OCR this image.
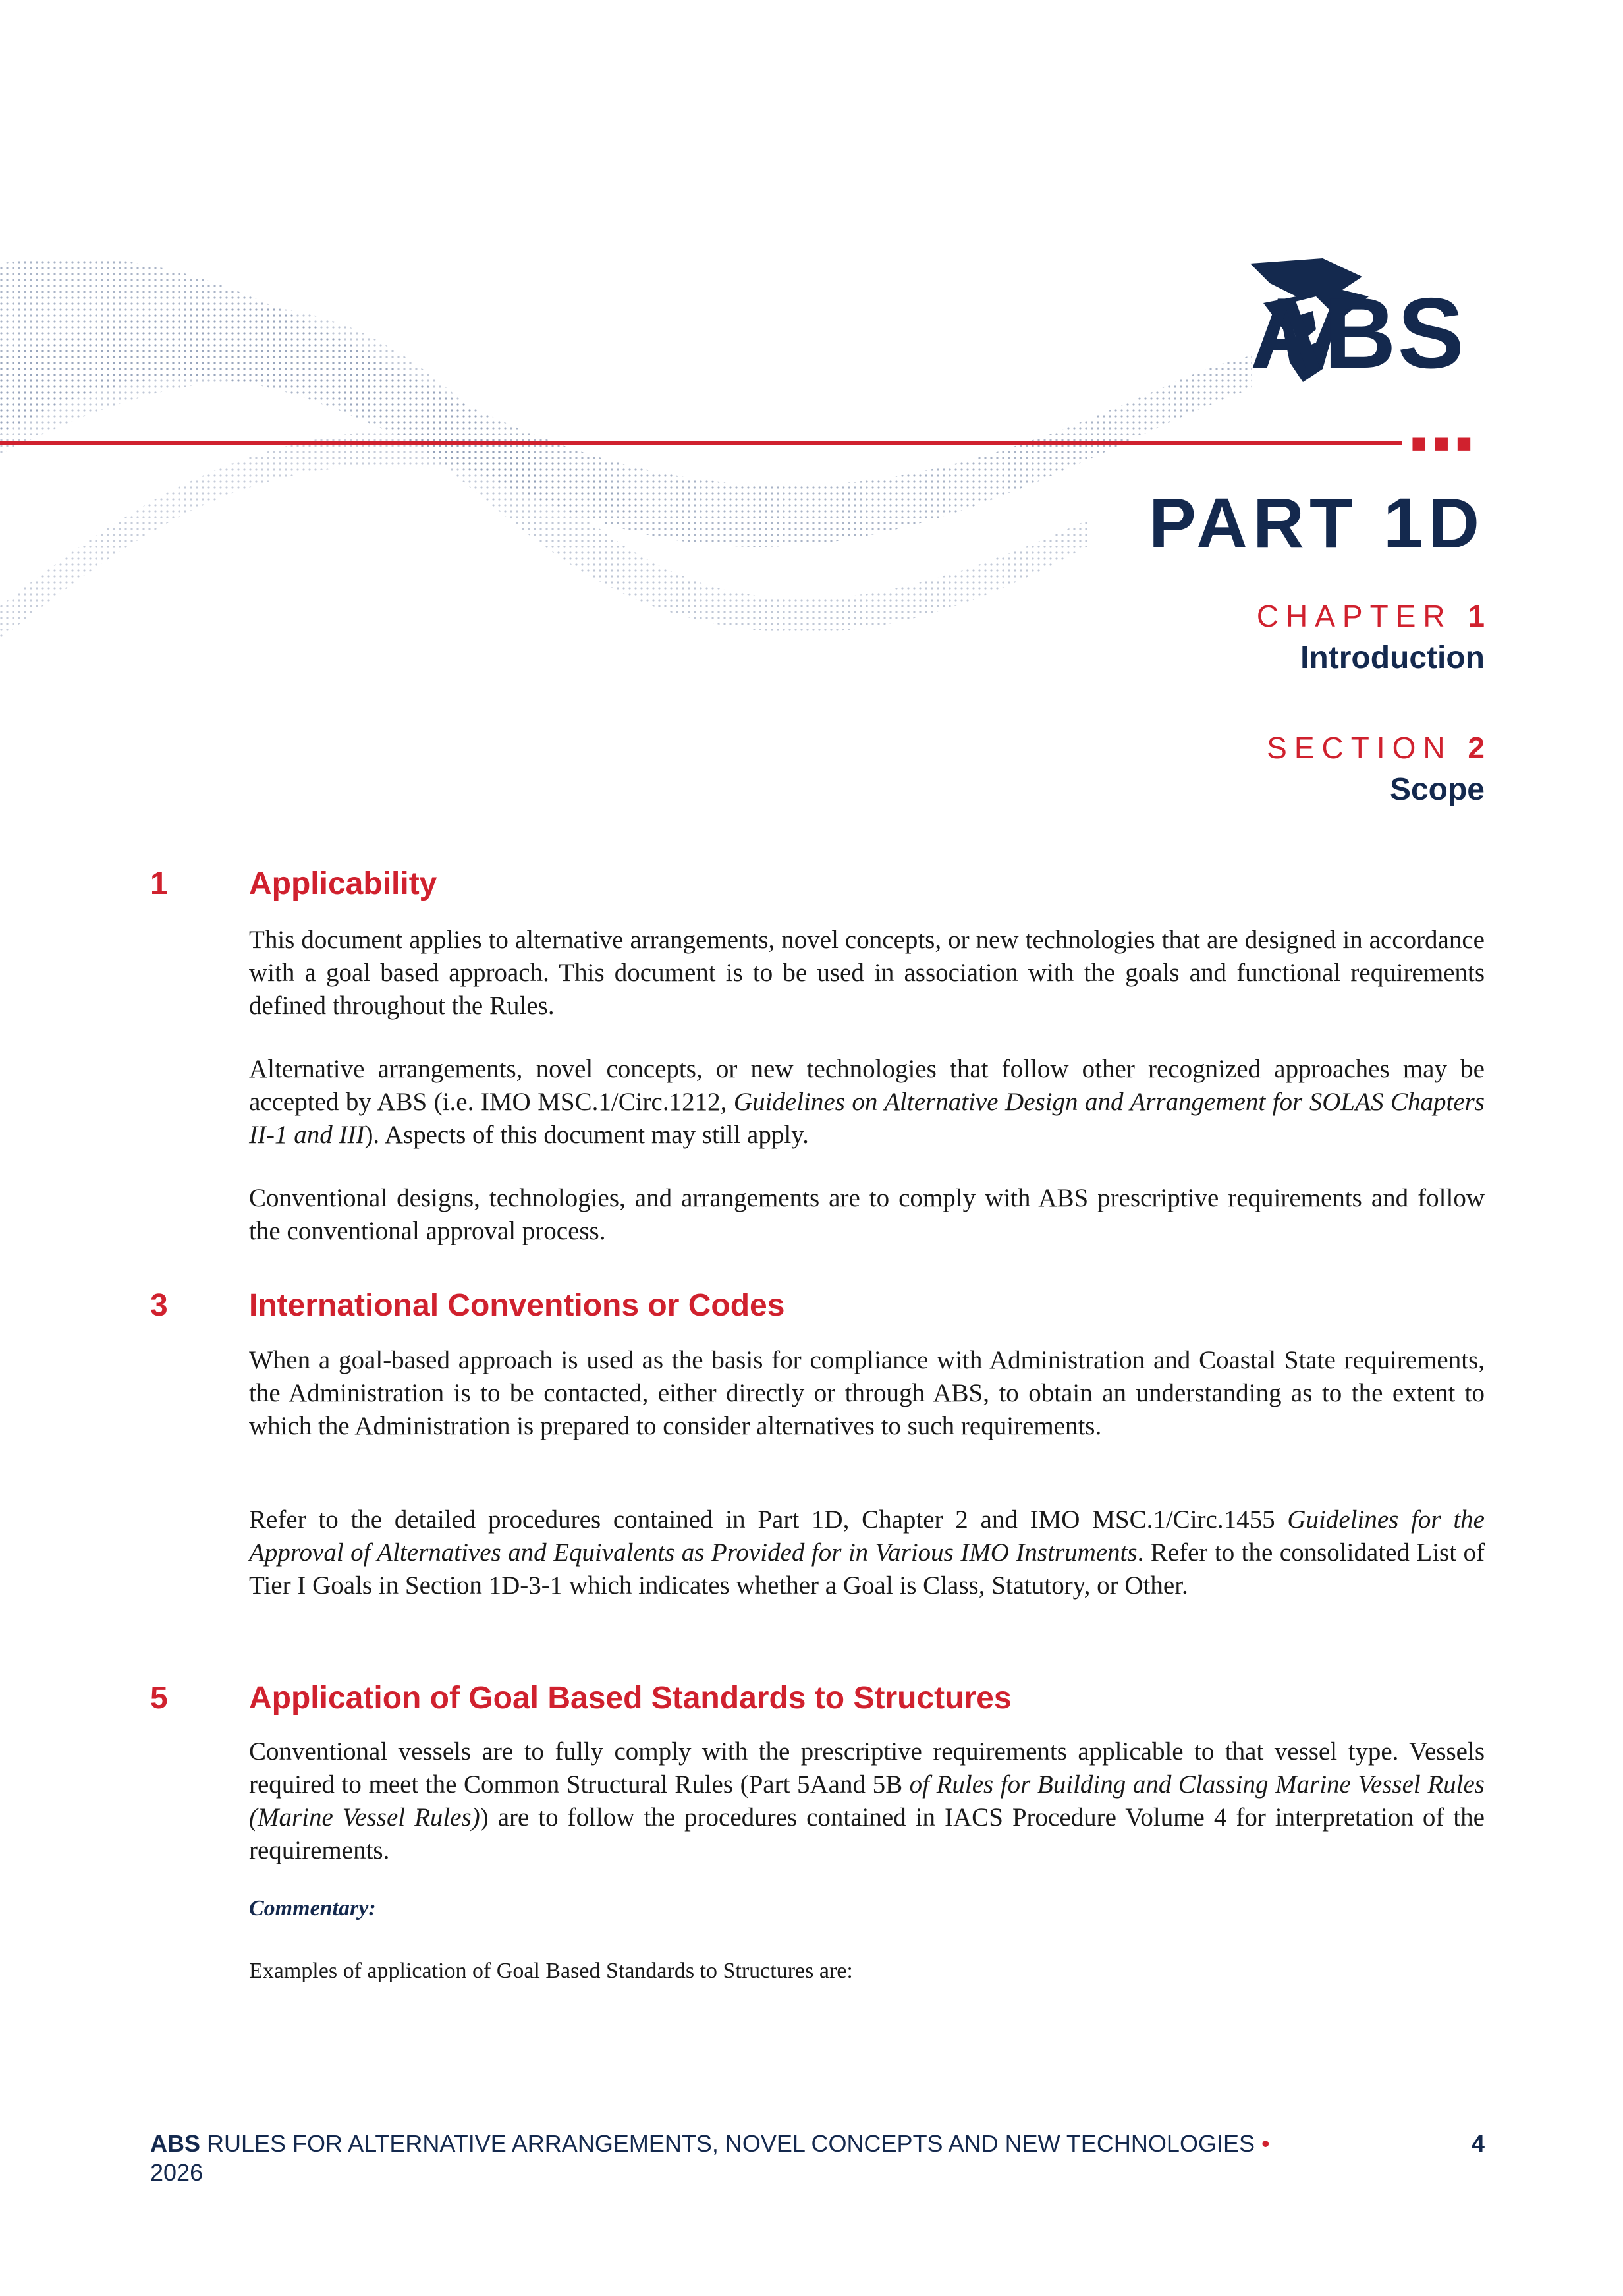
ABS
■■■
PART 1D
CHAPTER 1
Introduction
SECTION 2
Scope
1	Applicability

This document applies to alternative arrangements, novel concepts, or new technologies that are designed in accordance with a goal based approach. This document is to be used in association with the goals and functional requirements defined throughout the Rules.

Alternative arrangements, novel concepts, or new technologies that follow other recognized approaches may be accepted by ABS (i.e. IMO MSC.1/Circ.1212, Guidelines on Alternative Design and Arrangement for SOLAS Chapters II-1 and III). Aspects of this document may still apply.

Conventional designs, technologies, and arrangements are to comply with ABS prescriptive requirements and follow the conventional approval process.

3	International Conventions or Codes

When a goal-based approach is used as the basis for compliance with Administration and Coastal State requirements, the Administration is to be contacted, either directly or through ABS, to obtain an understanding as to the extent to which the Administration is prepared to consider alternatives to such requirements.

Refer to the detailed procedures contained in Part 1D, Chapter 2 and IMO MSC.1/Circ.1455 Guidelines for the Approval of Alternatives and Equivalents as Provided for in Various IMO Instruments. Refer to the consolidated List of Tier I Goals in Section 1D-3-1 which indicates whether a Goal is Class, Statutory, or Other.

5	Application of Goal Based Standards to Structures

Conventional vessels are to fully comply with the prescriptive requirements applicable to that vessel type. Vessels required to meet the Common Structural Rules (Part 5Aand 5B of Rules for Building and Classing Marine Vessel Rules (Marine Vessel Rules)) are to follow the procedures contained in IACS Procedure Volume 4 for interpretation of the requirements.

Commentary:
Examples of application of Goal Based Standards to Structures are:
ABS RULES FOR ALTERNATIVE ARRANGEMENTS, NOVEL CONCEPTS AND NEW TECHNOLOGIES •
2026
4
